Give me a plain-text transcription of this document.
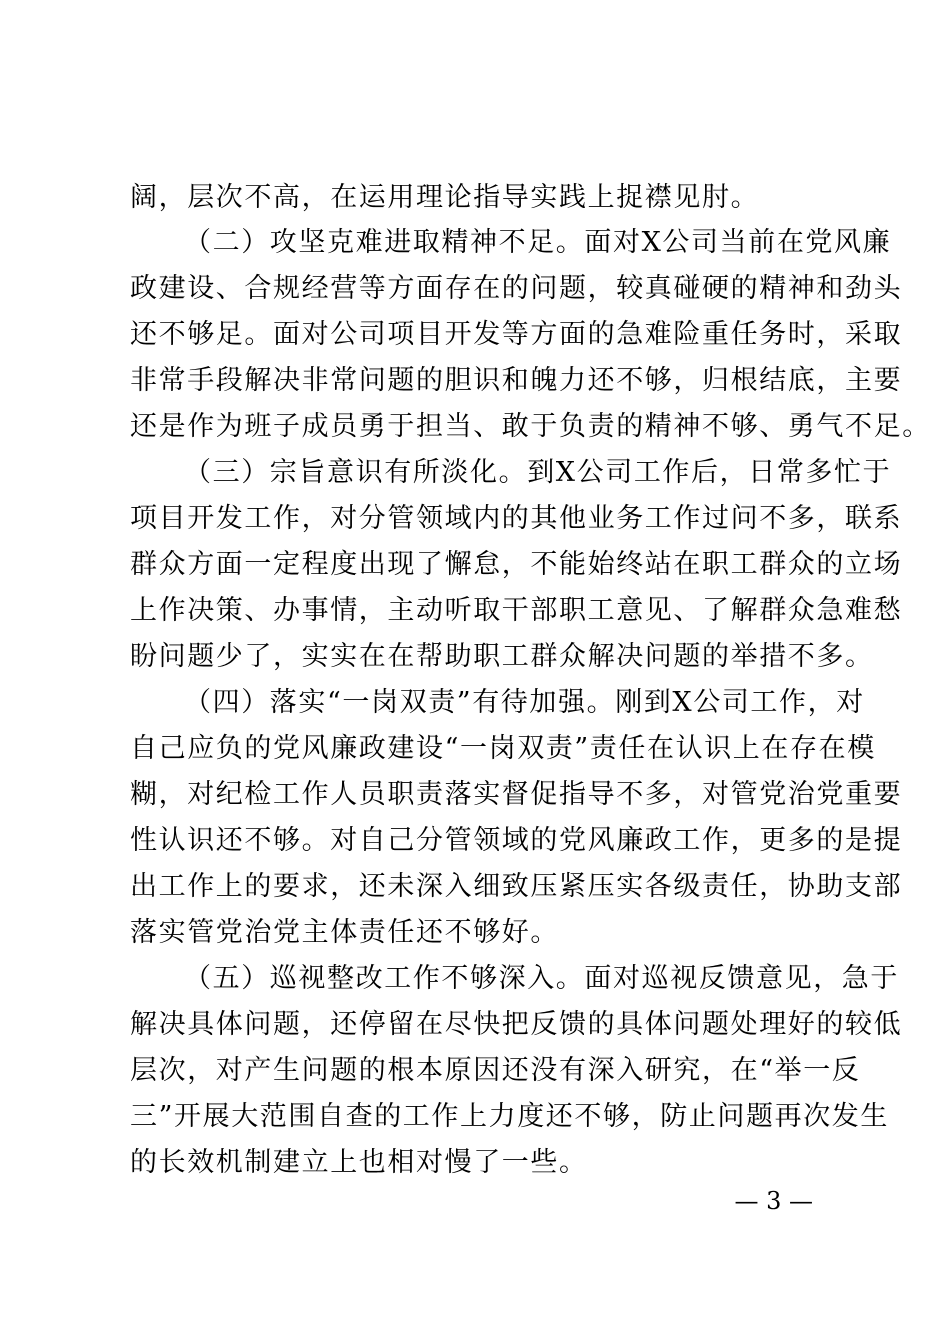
阔，层次不高，在运用理论指导实践上捉襟见肘。
（二）攻坚克难进取精神不足。面对X公司当前在党风廉
政建设、合规经营等方面存在的问题，较真碰硬的精神和劲头
还不够足。面对公司项目开发等方面的急难险重任务时，采取
非常手段解决非常问题的胆识和魄力还不够，归根结底，主要
还是作为班子成员勇于担当、敢于负责的精神不够、勇气不足。
（三）宗旨意识有所淡化。到X公司工作后，日常多忙于
项目开发工作，对分管领域内的其他业务工作过问不多，联系
群众方面一定程度出现了懈怠，不能始终站在职工群众的立场
上作决策、办事情，主动听取干部职工意见、了解群众急难愁
盼问题少了，实实在在帮助职工群众解决问题的举措不多。
（四）落实“一岗双责”有待加强。刚到X公司工作，对
自己应负的党风廉政建设“一岗双责”责任在认识上在存在模
糊，对纪检工作人员职责落实督促指导不多，对管党治党重要
性认识还不够。对自己分管领域的党风廉政工作，更多的是提
出工作上的要求，还未深入细致压紧压实各级责任，协助支部
落实管党治党主体责任还不够好。
（五）巡视整改工作不够深入。面对巡视反馈意见，急于
解决具体问题，还停留在尽快把反馈的具体问题处理好的较低
层次，对产生问题的根本原因还没有深入研究，在“举一反
三”开展大范围自查的工作上力度还不够，防止问题再次发生
的长效机制建立上也相对慢了一些。
— 3 —
